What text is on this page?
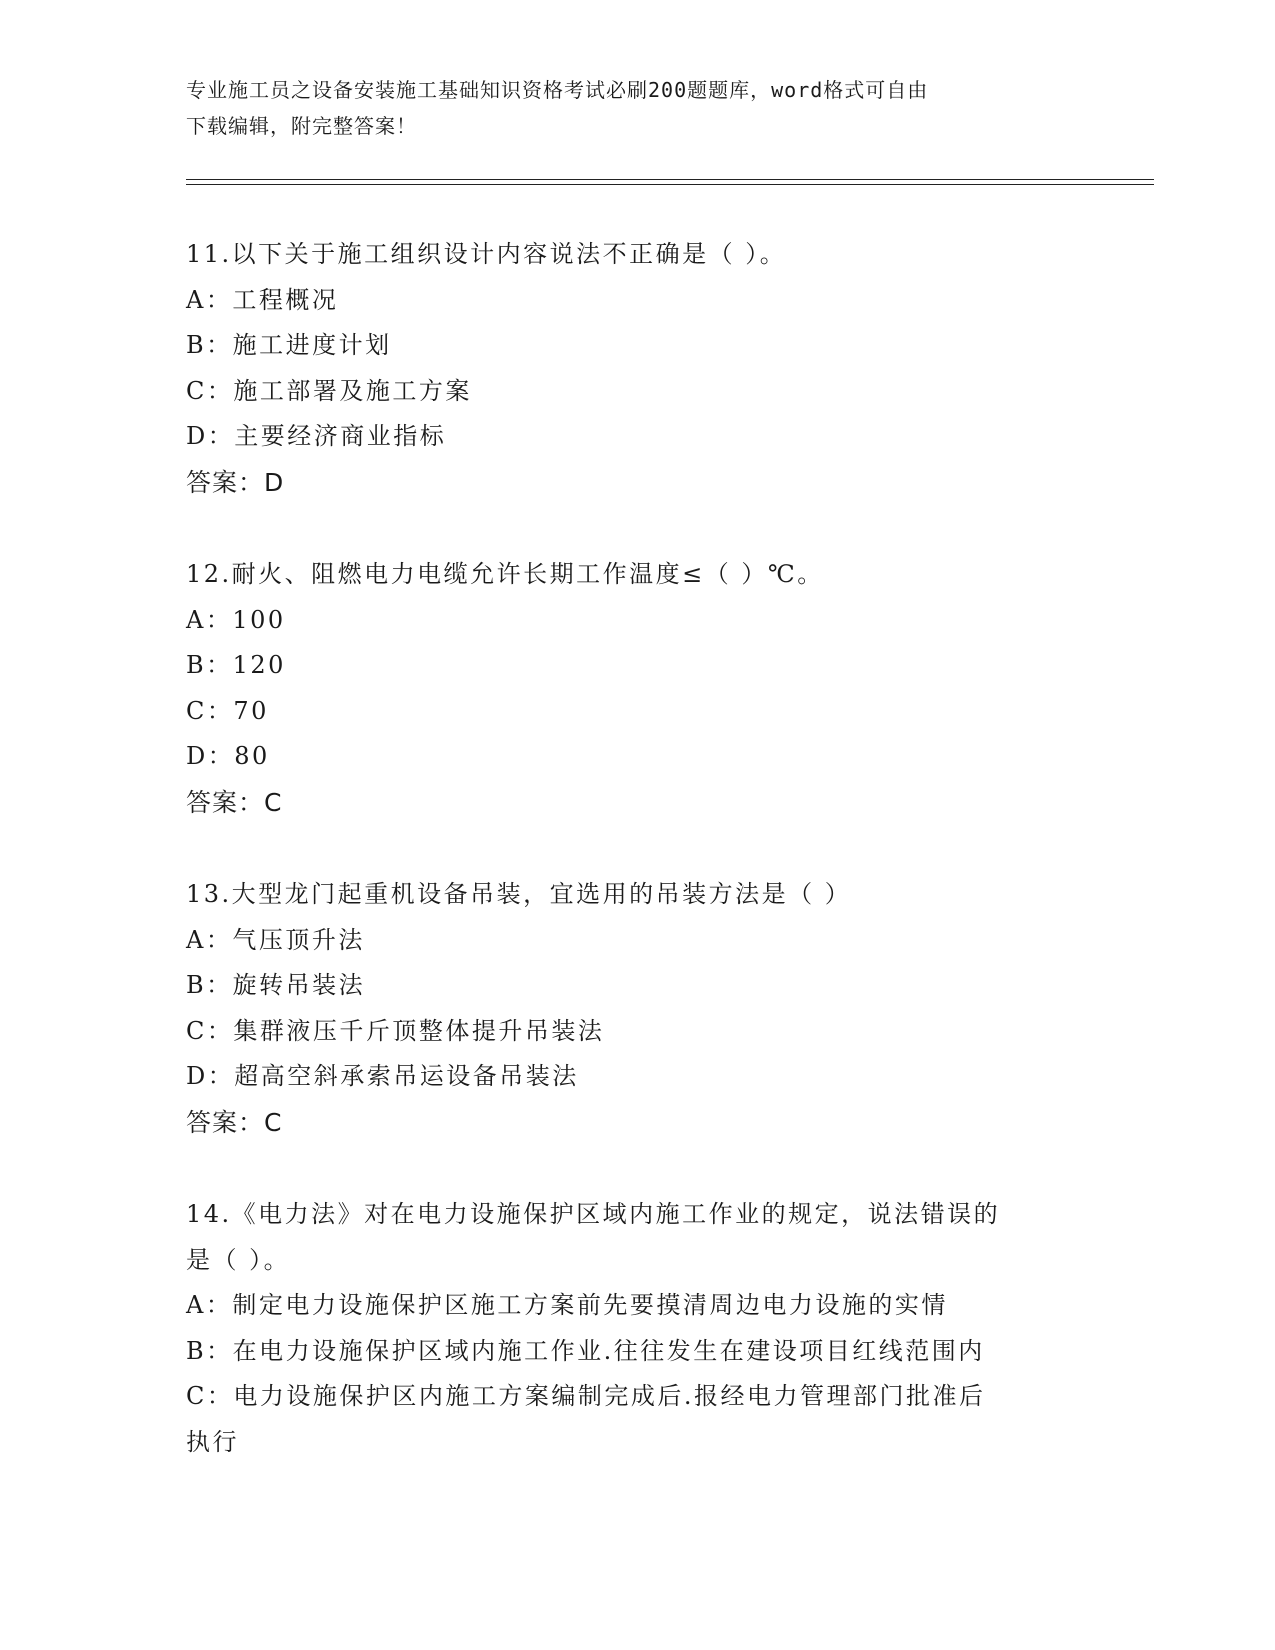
专业施工员之设备安装施工基础知识资格考试必刷200题题库，word格式可自由
下载编辑，附完整答案！
11.以下关于施工组织设计内容说法不正确是（ ）。
A：工程概况
B：施工进度计划
C：施工部署及施工方案
D：主要经济商业指标
答案：D
12.耐火、阻燃电力电缆允许长期工作温度≤（ ）℃。
A：100
B：120
C：70
D：80
答案：C
13.大型龙门起重机设备吊装，宜选用的吊装方法是（ ）
A：气压顶升法
B：旋转吊装法
C：集群液压千斤顶整体提升吊装法
D：超高空斜承索吊运设备吊装法
答案：C
14.《电力法》对在电力设施保护区域内施工作业的规定，说法错误的
是（ ）。
A：制定电力设施保护区施工方案前先要摸清周边电力设施的实情
B：在电力设施保护区域内施工作业.往往发生在建设项目红线范围内
C：电力设施保护区内施工方案编制完成后.报经电力管理部门批准后
执行
